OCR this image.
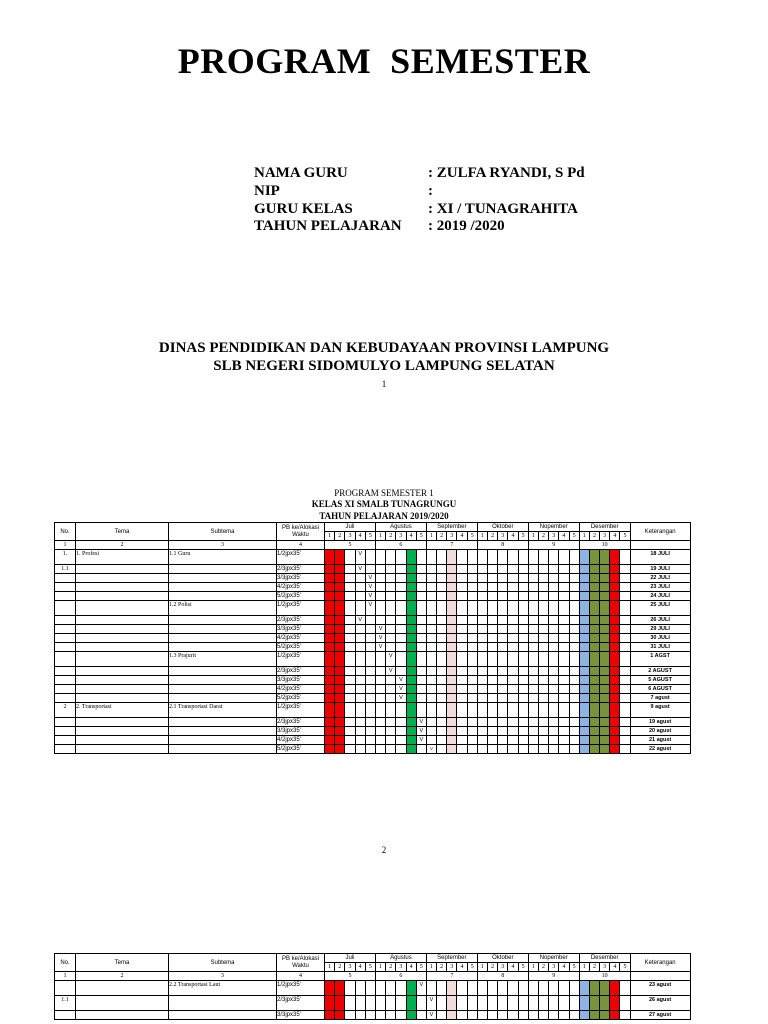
PROGRAM  SEMESTER
NAMA GURU	: ZULFA RYANDI, S Pd
NIP	:
GURU KELAS	: XI / TUNAGRAHITA
TAHUN PELAJARAN : 2019 /2020
DINAS PENDIDIKAN DAN KEBUDAYAAN PROVINSI LAMPUNG
SLB NEGERI SIDOMULYO LAMPUNG SELATAN
1
PROGRAM SEMESTER 1
KELAS XI SMALB TUNAGRUNGU
TAHUN PELAJARAN 2019/2020
No.	Tema	Subtema	PB ke/Alokasi Waktu	Juli					Agustus					September					Oktober					Nopember					Desember					Keterangan
				1	2	3	4	5	1	2	3	4	5	1	2	3	4	5	1	2	3	4	5	1	2	3	4	5	1	2	3	4	5	
1	2	3	4	5					6					7					8					9					10					
1.	1. Profesi	1.1 Guru	1/2jpx35'				V																											18 JULI
1.1			2/3jpx35'				V																											19 JULI
			3/3jpx35'					V																										22 JULI
			4/2jpx35'					V																										23 JULI
			5/2jpx35'					V																										24 JULI
		1.2 Polisi	1/2jpx35'					V																										25 JULI
			2/3jpx35'				V																											26 JULI
			3/3jpx35'						V																									29 JULI
			4/2jpx35'						V																									30 JULI
			5/2jpx35'						V																									31 JULI
		1.3 Prajurit	1/2jpx35'							V																								1 AGST
			2/3jpx35'							V																								2 AGUST
			3/3jpx35'								V																							5 AGUST
			4/2jpx35'								V																							6 AGUST
			5/2jpx35'								V																							7 agust
2	2. Transportasi	2.1 Transportasi Darat	1/2jpx35'																															9 agust
			2/3jpx35'										V																					19 agust
			3/3jpx35'										V																					20 agust
			4/2jpx35'										V																					21 agust
			5/2jpx35'											v																				22 agust
2
No.	Tema	Subtema	PB ke/Alokasi Waktu	Juli					Agustus					September					Oktober					Nopember					Desember					Keterangan
				1	2	3	4	5	1	2	3	4	5	1	2	3	4	5	1	2	3	4	5	1	2	3	4	5	1	2	3	4	5	
1	2	3	4	5					6					7					8					9					10					
		2.2 Transportasi Laut	1/2jpx35'										V																					23 agust
1.1			2/3jpx35'											V																				26 agust
			3/3jpx35'											V																				27 agust
